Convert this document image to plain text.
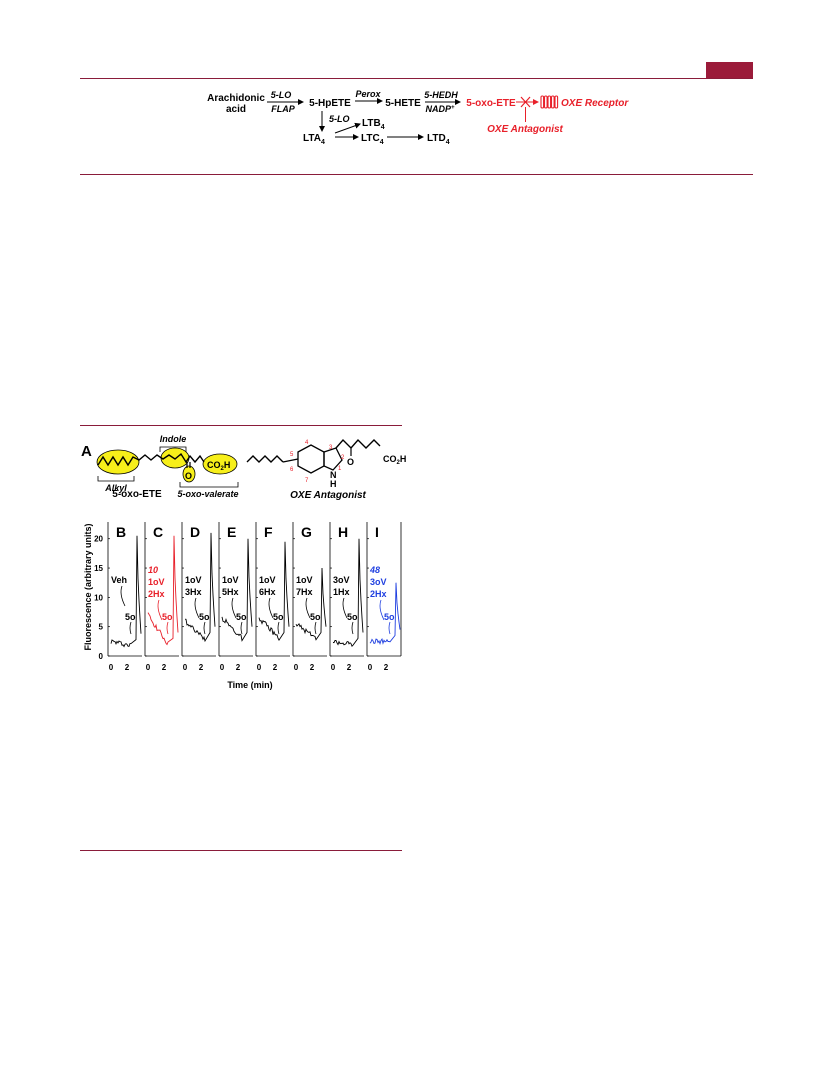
Arachidonic
acid
5-LO
FLAP 5-HpETE
Perox
5-HETE
5-HEDH
NADP+ 5-oxo-ETE	OXE Receptor
OXE Antagonist
5-LO
$LTA_4$
$LTB_4$
$LTC_4$	$LTD_4$
A
O
$CO_2H$
Indole
Alkyl
5-oxo-valerate
5-oxo-ETE
O
N
H
$CO_2H$
1
2
3
4
5
6
7
OXE Antagonist
Fluorescence (arbitrary units)
Time (min)
0
5
10
15
20 B
0 2
Veh
5o
C
0 2
10
1oV
2Hx
5o
D
0 2
1oV
3Hx
5o
E
0 2
1oV
5Hx
5o
F
0 2
1oV
6Hx
5o
G
0 2
1oV
7Hx
5o
H
0 2
3oV
1Hx
5o
I
0 2
48
3oV
2Hx
5o
